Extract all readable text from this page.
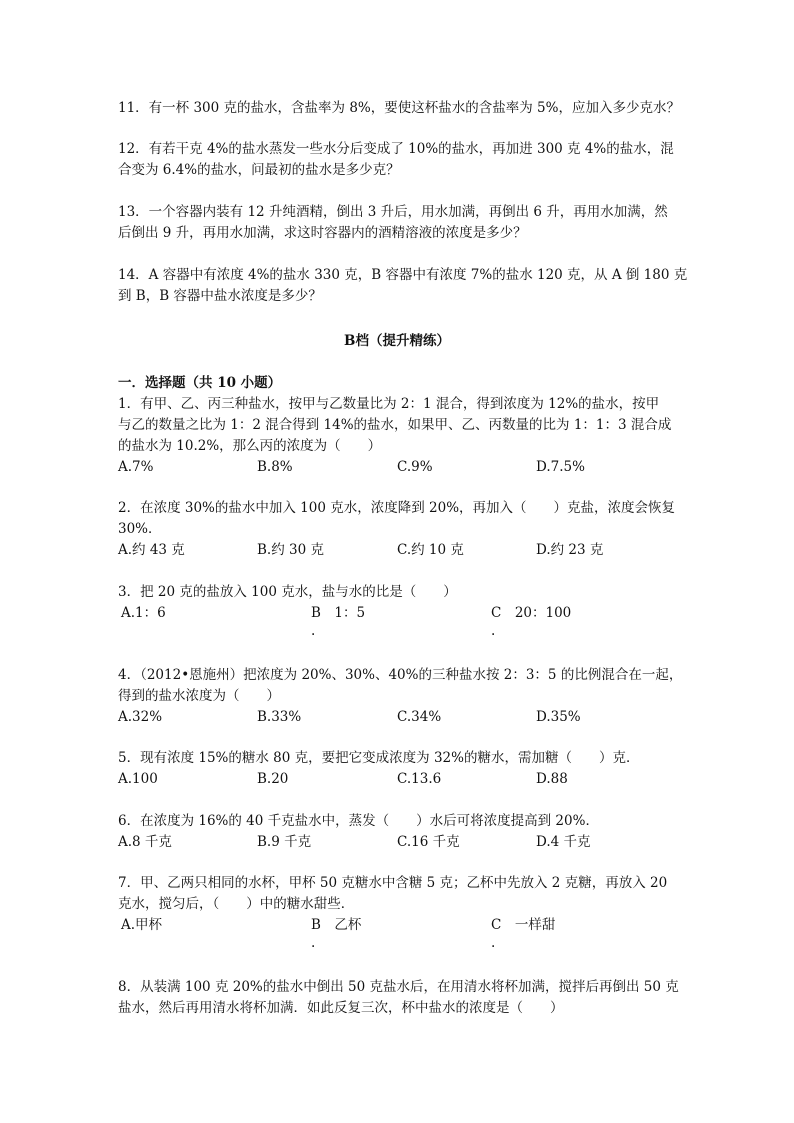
11．有一杯 300 克的盐水，含盐率为 8%，要使这杯盐水的含盐率为 5%，应加入多少克水？
12．有若干克 4%的盐水蒸发一些水分后变成了 10%的盐水，再加进 300 克 4%的盐水，混
合变为 6.4%的盐水，问最初的盐水是多少克？
13．一个容器内装有 12 升纯酒精，倒出 3 升后，用水加满，再倒出 6 升，再用水加满，然
后倒出 9 升，再用水加满，求这时容器内的酒精溶液的浓度是多少？
14．A 容器中有浓度 4%的盐水 330 克，B 容器中有浓度 7%的盐水 120 克，从 A 倒 180 克
到 B，B 容器中盐水浓度是多少？
B档（提升精练）
一．选择题（共 10 小题）
1．有甲、乙、丙三种盐水，按甲与乙数量比为 2：1 混合，得到浓度为 12%的盐水，按甲
与乙的数量之比为 1：2 混合得到 14%的盐水，如果甲、乙、丙数量的比为 1：1：3 混合成
的盐水为 10.2%，那么丙的浓度为（　　）
A.7%	B.8%	C.9%	D.7.5%
2．在浓度 30%的盐水中加入 100 克水，浓度降到 20%，再加入（　　）克盐，浓度会恢复
30%．
A.约 43 克	B.约 30 克	C.约 10 克	D.约 23 克
3．把 20 克的盐放入 100 克水，盐与水的比是（　　）
A.1：6	B　1：5
.
C　20：100
.
4．（2012•恩施州）把浓度为 20%、30%、40%的三种盐水按 2：3：5 的比例混合在一起，
得到的盐水浓度为（　　）
A.32%	B.33%	C.34%	D.35%
5．现有浓度 15%的糖水 80 克，要把它变成浓度为 32%的糖水，需加糖（　　）克．
A.100	B.20	C.13.6	D.88
6．在浓度为 16%的 40 千克盐水中，蒸发（　　）水后可将浓度提高到 20%．
A.8 千克	B.9 千克	C.16 千克	D.4 千克
7．甲、乙两只相同的水杯，甲杯 50 克糖水中含糖 5 克；乙杯中先放入 2 克糖，再放入 20
克水，搅匀后，（　　）中的糖水甜些．
A.甲杯	B　乙杯
.
C　一样甜
.
8．从装满 100 克 20%的盐水中倒出 50 克盐水后，在用清水将杯加满，搅拌后再倒出 50 克
盐水，然后再用清水将杯加满．如此反复三次，杯中盐水的浓度是（　　）
